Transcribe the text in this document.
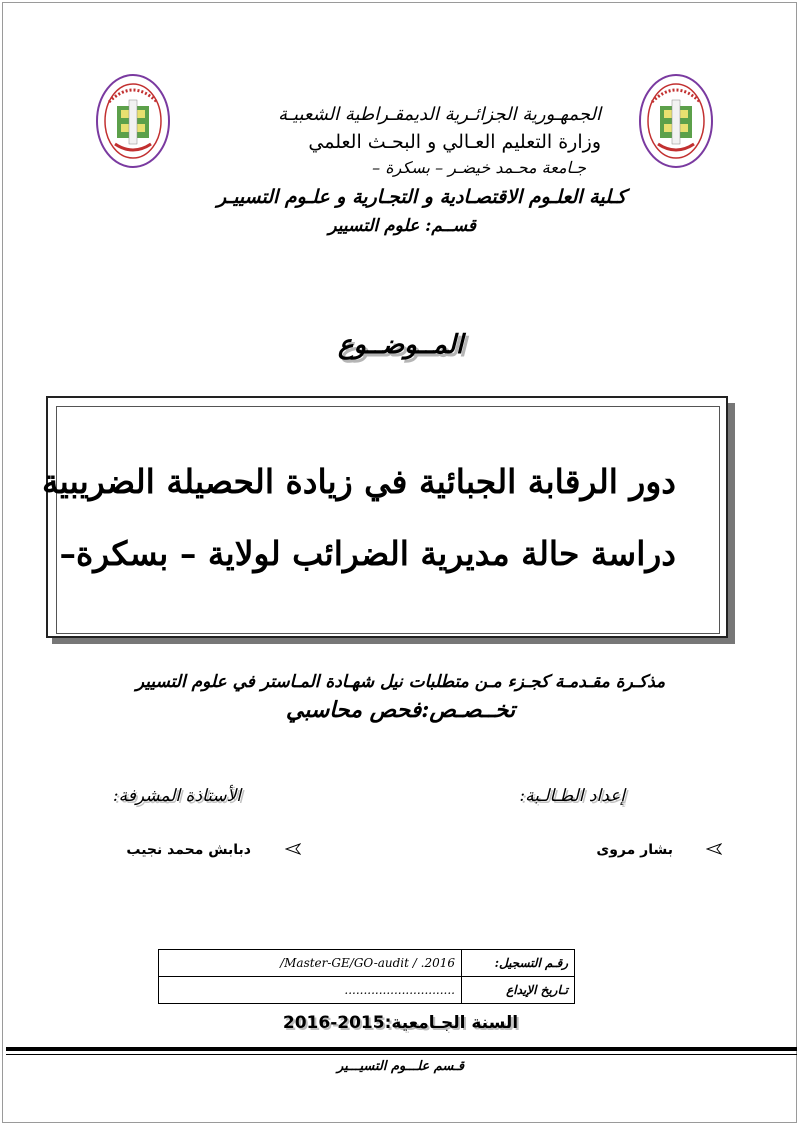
الجمهـورية الجزائـرية الديمقـراطية الشعبيـة
وزارة التعليم العـالي و البحـث العلمي
جـامعة محـمد خيضـر – بسكرة –
كـلية العلـوم الاقتصـادية و التجـارية و علـوم التسييـر
قســم: علوم التسيير
المــوضــوع
دور الرقابة الجبائية في زيادة الحصيلة الضريبية
دراسة حالة مديرية الضرائب لولاية – بسكرة–
مذكـرة مقـدمـة كجـزء مـن متطلبات نيل شهـادة المـاستر في علوم التسيير
تخــصـص:فحص محاسبي
إعداد الطـالـبة:
الأستاذة المشرفة:
بشار مروى
دبابش محمد نجيب
/Master-GE/GO-audit / .2016	رقـم التسجيل:
.............................	تـاريخ الإيداع
السنة الجـامعية:2015-2016
قـسم علـــوم التسيـــير
